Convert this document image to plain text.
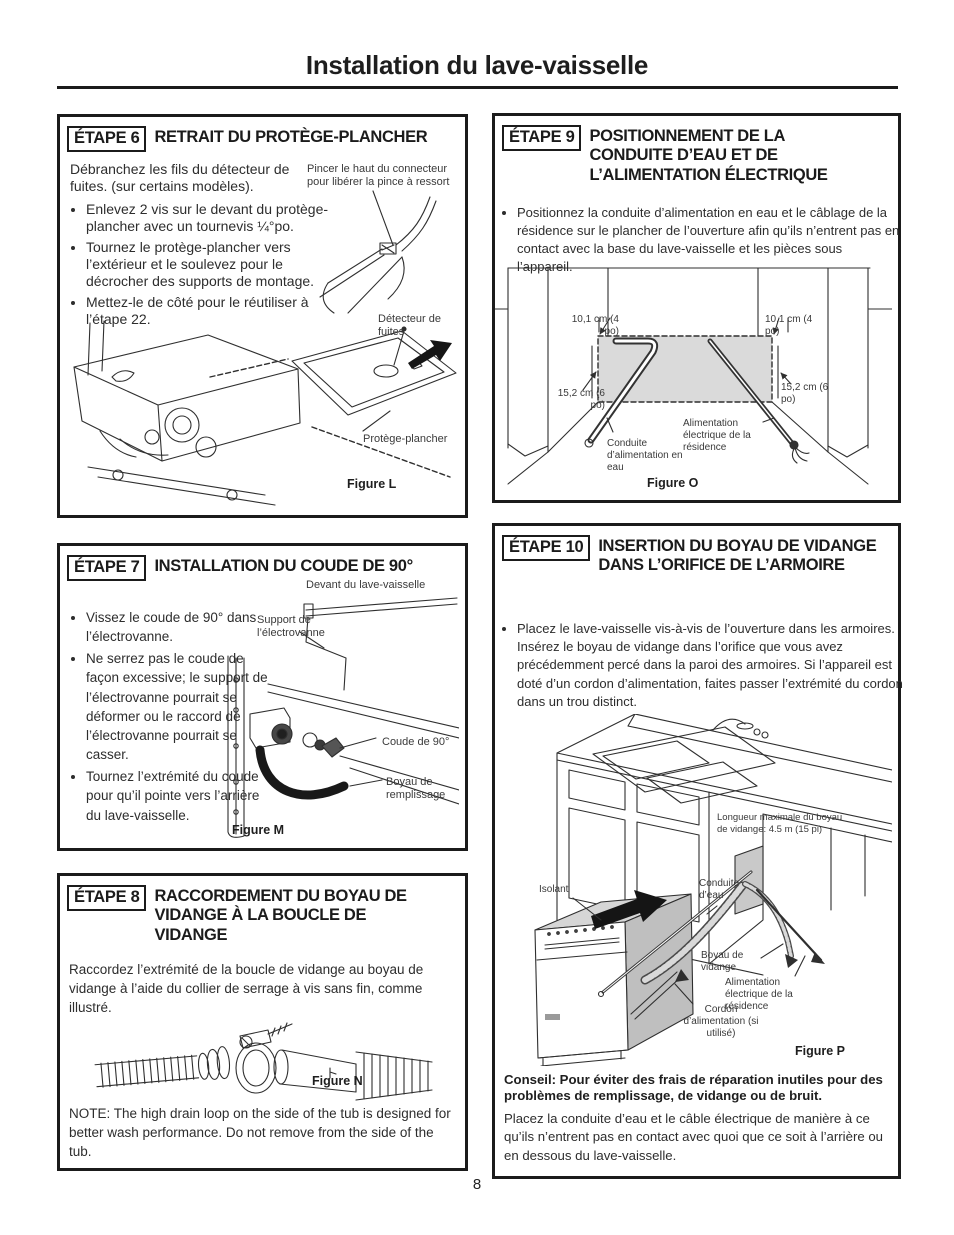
Installation du lave-vaisselle
ÉTAPE 6 RETRAIT DU PROTÈGE-PLANCHER
Débranchez les fils du détecteur de fuites. (sur certains modèles).
Pincer le haut du connecteur pour libérer la pince à ressort
• Enlevez 2 vis sur le devant du protège-plancher avec un tournevis ¼°po.
• Tournez le protège-plancher vers l’extérieur et le soulevez pour le décrocher des supports de montage.
• Mettez-le de côté pour le réutiliser à l’étape 22.	Détecteur de fuites
Protège-plancher
Figure L
ÉTAPE 7 INSTALLATION DU COUDE DE 90°
Devant du lave-vaisselle
• Vissez le coude de 90° dans l’électrovanne.
• Ne serrez pas le coude de façon excessive; le support de l’électrovanne pourrait se déformer ou le raccord de l’électrovanne pourrait se casser.
• Tournez l’extrémité du coude pour qu’il pointe vers l’arrière du lave-vaisselle.
Support de l’électrovanne
Coude de 90°
Boyau de remplissage
Figure M
ÉTAPE 8 RACCORDEMENT DU BOYAU DE VIDANGE À LA BOUCLE DE VIDANGE
Raccordez l’extrémité de la boucle de vidange au boyau de vidange à l’aide du collier de serrage à vis sans fin, comme illustré.
Figure N
NOTE: The high drain loop on the side of the tub is designed for better wash performance. Do not remove from the side of the tub.
ÉTAPE 9 POSITIONNEMENT DE LA CONDUITE D’EAU ET DE L’ALIMENTATION ÉLECTRIQUE
• Positionnez la conduite d’alimentation en eau et le câblage de la résidence sur le plancher de l’ouverture afin qu’ils n’entrent pas en contact avec la base du lave-vaisselle et les pièces sous l’appareil.
10,1 cm (4 po)
10,1 cm (4 po)
15,2 cm (6 po)
15,2 cm (6 po)
Conduite d’alimentation en eau
Alimentation électrique de la résidence
Figure O
ÉTAPE 10 INSERTION DU BOYAU DE VIDANGE DANS L’ORIFICE DE L’ARMOIRE
• Placez le lave-vaisselle vis-à-vis de l’ouverture dans les armoires. Insérez le boyau de vidange dans l’orifice que vous avez précédemment percé dans la paroi des armoires. Si l’appareil est doté d’un cordon d’alimentation, faites passer l’extrémité du cordon dans un trou distinct.
Longueur maximale du boyau de vidange: 4.5 m (15 pi)
Isolant
Conduite d’eau
Boyau de vidange
Alimentation électrique de la résidence
Cordon d’alimentation (si utilisé)
Figure P
Conseil: Pour éviter des frais de réparation inutiles pour des problèmes de remplissage, de vidange ou de bruit.
Placez la conduite d’eau et le câble électrique de manière à ce qu’ils n’entrent pas en contact avec quoi que ce soit à l’arrière ou en dessous du lave-vaisselle.
8
